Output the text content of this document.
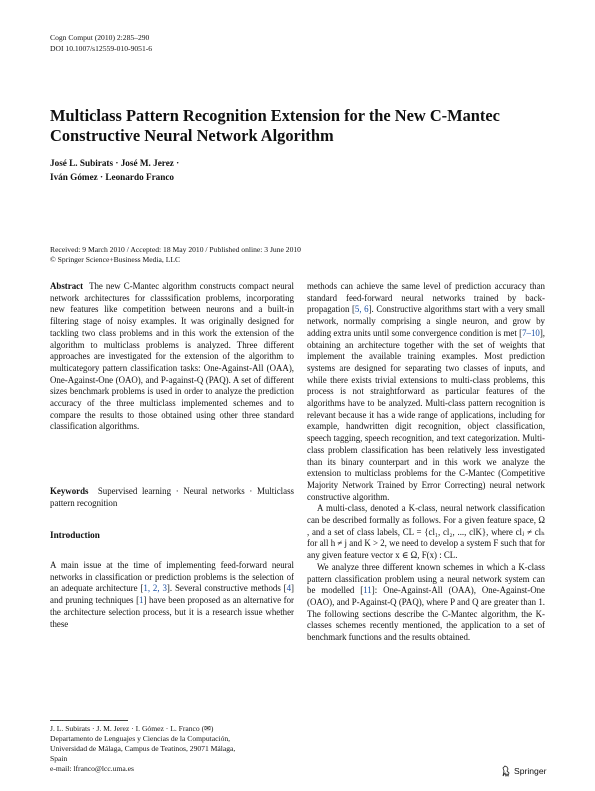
Cogn Comput (2010) 2:285–290
DOI 10.1007/s12559-010-9051-6
Multiclass Pattern Recognition Extension for the New C-Mantec
Constructive Neural Network Algorithm
José L. Subirats · José M. Jerez ·
Iván Gómez · Leonardo Franco
Received: 9 March 2010 / Accepted: 18 May 2010 / Published online: 3 June 2010
© Springer Science+Business Media, LLC

Abstract The new C-Mantec algorithm constructs compact neural network architectures for classsification problems, incorporating new features like competition between neurons and a built-in filtering stage of noisy examples. It was originally designed for tackling two class problems and in this work the extension of the algorithm to multiclass problems is analyzed. Three different approaches are investigated for the extension of the algorithm to multicategory pattern classification tasks: One-Against-All (OAA), One-Against-One (OAO), and P-against-Q (PAQ). A set of different sizes benchmark problems is used in order to analyze the prediction accuracy of the three multiclass implemented schemes and to compare the results to those obtained using other three standard classification algorithms.

Keywords Supervised learning · Neural networks · Multiclass pattern recognition

Introduction

A main issue at the time of implementing feed-forward neural networks in classification or prediction problems is the selection of an adequate architecture [1, 2, 3]. Several constructive methods [4] and pruning techniques [1] have been proposed as an alternative for the architecture selection process, but it is a research issue whether these

methods can achieve the same level of prediction accuracy than standard feed-forward neural networks trained by back-propagation [5, 6]. Constructive algorithms start with a very small network, normally comprising a single neuron, and grow by adding extra units until some convergence condition is met [7–10], obtaining an architecture together with the set of weights that implement the available training examples. Most prediction systems are designed for separating two classes of inputs, and while there exists trivial extensions to multi-class problems, this process is not straightforward as particular features of the algorithms have to be analyzed. Multi-class pattern recognition is relevant because it has a wide range of applications, including for example, handwritten digit recognition, object classification, speech tagging, speech recognition, and text categorization. Multi-class problem classification has been relatively less investigated than its binary counterpart and in this work we analyze the extension to multiclass problems for the C-Mantec (Competitive Majority Network Trained by Error Correcting) neural network constructive algorithm.

A multi-class, denoted a K-class, neural network classification can be described formally as follows. For a given feature space, Ω , and a set of class labels, CL = {cl₁, cl₂, ..., clK}, where clⱼ ≠ clₕ for all h ≠ j and K > 2, we need to develop a system F such that for any given feature vector x ∈ Ω, F(x) : CL.

We analyze three different known schemes in which a K-class pattern classification problem using a neural network system can be modelled [11]: One-Against-All (OAA), One-Against-One (OAO), and P-Against-Q (PAQ), where P and Q are greater than 1. The following sections describe the C-Mantec algorithm, the K-classes schemes recently mentioned, the application to a set of benchmark functions and the results obtained.

J. L. Subirats · J. M. Jerez · I. Gómez · L. Franco (✉)
Departamento de Lenguajes y Ciencias de la Computación,
Universidad de Málaga, Campus de Teatinos, 29071 Málaga,
Spain
e-mail: lfranco@lcc.uma.es	Springer
